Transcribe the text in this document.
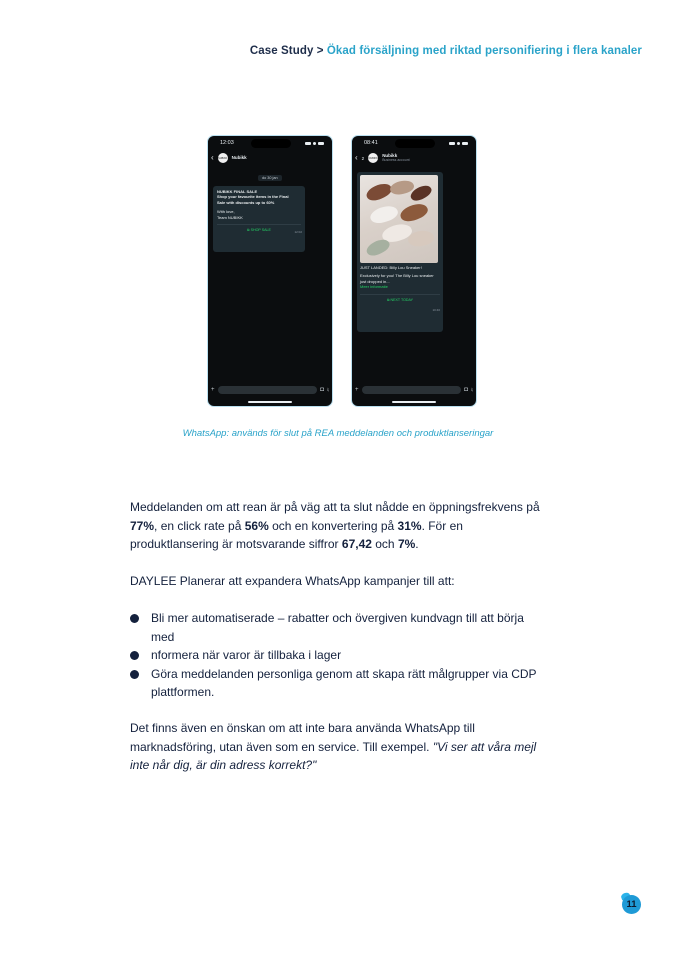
Case Study > Ökad försäljning med riktad personifiering i flera kanaler
12:03
‹ NUBIKK Nubikk
do 30 jan
NUBIKK FINAL SALE
Shop your favourite items in the Final
Sale with discounts up to 60%
With love,
Team NUBIKK
12:02
⧉ SHOP SALE
+	◘ ♮
08:41
‹ 2 NUBIKK
Nubikk
Business account
JUST LANDED: Billy Lou Sneaker!
Exclusively for you! The Billy Lou sneaker just dropped in...
Meer informatie
10:40
⧉ NEXT TODAY
+	◘ ♮
WhatsApp: används för slut på REA meddelanden och produktlanseringar
Meddelanden om att rean är på väg att ta slut nådde en öppningsfrekvens på 77%, en click rate på 56% och en konvertering på 31%. För en produktlansering är motsvarande siffror 67,42 och 7%.
DAYLEE Planerar att expandera WhatsApp kampanjer till att:
Bli mer automatiserade – rabatter och övergiven kundvagn till att börja med
nformera när varor är tillbaka i lager
Göra meddelanden personliga genom att skapa rätt målgrupper via CDP plattformen.
Det finns även en önskan om att inte bara använda WhatsApp till marknadsföring, utan även som en service. Till exempel. "Vi ser att våra mejl inte når dig, är din adress korrekt?"
11
